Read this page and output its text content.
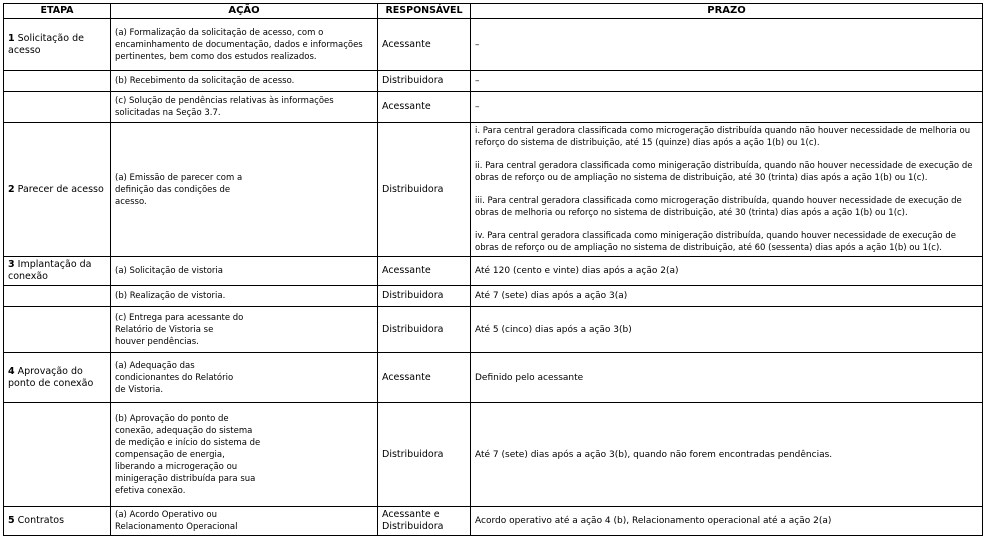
ETAPA	AÇÃO	RESPONSÁVEL	PRAZO
1 Solicitação de acesso	(a) Formalização da solicitação de acesso, com o encaminhamento de documentação, dados e informações pertinentes, bem como dos estudos realizados.	Acessante	–
	(b) Recebimento da solicitação de acesso.	Distribuidora	–
	(c) Solução de pendências relativas às informações solicitadas na Seção 3.7.	Acessante	–
2 Parecer de acesso	(a) Emissão de parecer com a definição das condições de acesso.	Distribuidora	i. Para central geradora classificada como microgeração distribuída quando não houver necessidade de melhoria ou reforço do sistema de distribuição, até 15 (quinze) dias após a ação 1(b) ou 1(c).

ii. Para central geradora classificada como minigeração distribuída, quando não houver necessidade de execução de obras de reforço ou de ampliação no sistema de distribuição, até 30 (trinta) dias após a ação 1(b) ou 1(c).

iii. Para central geradora classificada como microgeração distribuída, quando houver necessidade de execução de obras de melhoria ou reforço no sistema de distribuição, até 30 (trinta) dias após a ação 1(b) ou 1(c).

iv. Para central geradora classificada como minigeração distribuída, quando houver necessidade de execução de obras de reforço ou de ampliação no sistema de distribuição, até 60 (sessenta) dias após a ação 1(b) ou 1(c).

3 Implantação da conexão	(a) Solicitação de vistoria	Acessante	Até 120 (cento e vinte) dias após a ação 2(a)
	(b) Realização de vistoria.	Distribuidora	Até 7 (sete) dias após a ação 3(a)

	(c) Entrega para acessante do Relatório de Vistoria se houver pendências.	Distribuidora	Até 5 (cinco) dias após a ação 3(b)
4 Aprovação do ponto de conexão	(a) Adequação das condicionantes do Relatório de Vistoria.	Acessante	Definido pelo acessante

	(b) Aprovação do ponto de conexão, adequação do sistema de medição e início do sistema de compensação de energia, liberando a microgeração ou minigeração distribuída para sua efetiva conexão.	Distribuidora	Até 7 (sete) dias após a ação 3(b), quando não forem encontradas pendências.
5 Contratos	(a) Acordo Operativo ou Relacionamento Operacional	Acessante e Distribuidora	Acordo operativo até a ação 4 (b), Relacionamento operacional até a ação 2(a)
